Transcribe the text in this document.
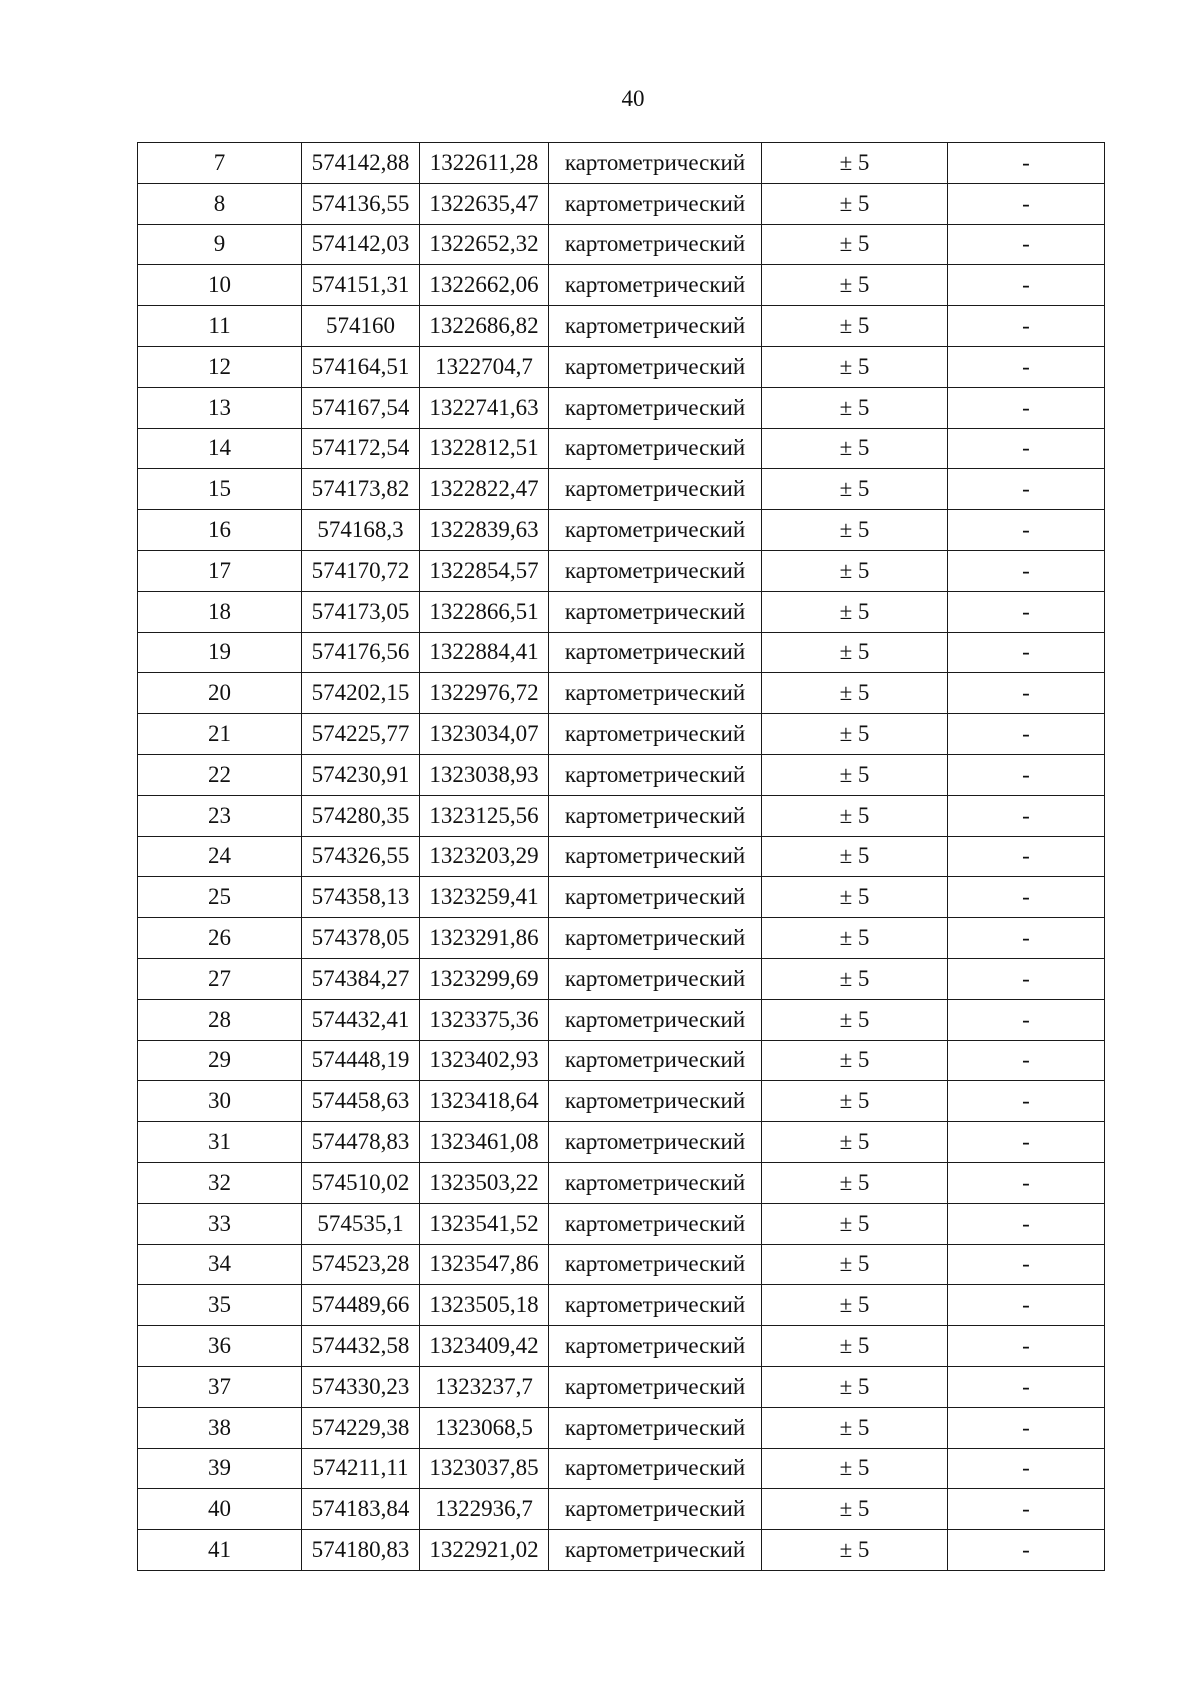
40
7	574142,88	1322611,28	картометрический	± 5	-
8	574136,55	1322635,47	картометрический	± 5	-
9	574142,03	1322652,32	картометрический	± 5	-
10	574151,31	1322662,06	картометрический	± 5	-
11	574160	1322686,82	картометрический	± 5	-
12	574164,51	1322704,7	картометрический	± 5	-
13	574167,54	1322741,63	картометрический	± 5	-
14	574172,54	1322812,51	картометрический	± 5	-
15	574173,82	1322822,47	картометрический	± 5	-
16	574168,3	1322839,63	картометрический	± 5	-
17	574170,72	1322854,57	картометрический	± 5	-
18	574173,05	1322866,51	картометрический	± 5	-
19	574176,56	1322884,41	картометрический	± 5	-
20	574202,15	1322976,72	картометрический	± 5	-
21	574225,77	1323034,07	картометрический	± 5	-
22	574230,91	1323038,93	картометрический	± 5	-
23	574280,35	1323125,56	картометрический	± 5	-
24	574326,55	1323203,29	картометрический	± 5	-
25	574358,13	1323259,41	картометрический	± 5	-
26	574378,05	1323291,86	картометрический	± 5	-
27	574384,27	1323299,69	картометрический	± 5	-
28	574432,41	1323375,36	картометрический	± 5	-
29	574448,19	1323402,93	картометрический	± 5	-
30	574458,63	1323418,64	картометрический	± 5	-
31	574478,83	1323461,08	картометрический	± 5	-
32	574510,02	1323503,22	картометрический	± 5	-
33	574535,1	1323541,52	картометрический	± 5	-
34	574523,28	1323547,86	картометрический	± 5	-
35	574489,66	1323505,18	картометрический	± 5	-
36	574432,58	1323409,42	картометрический	± 5	-
37	574330,23	1323237,7	картометрический	± 5	-
38	574229,38	1323068,5	картометрический	± 5	-
39	574211,11	1323037,85	картометрический	± 5	-
40	574183,84	1322936,7	картометрический	± 5	-
41	574180,83	1322921,02	картометрический	± 5	-
